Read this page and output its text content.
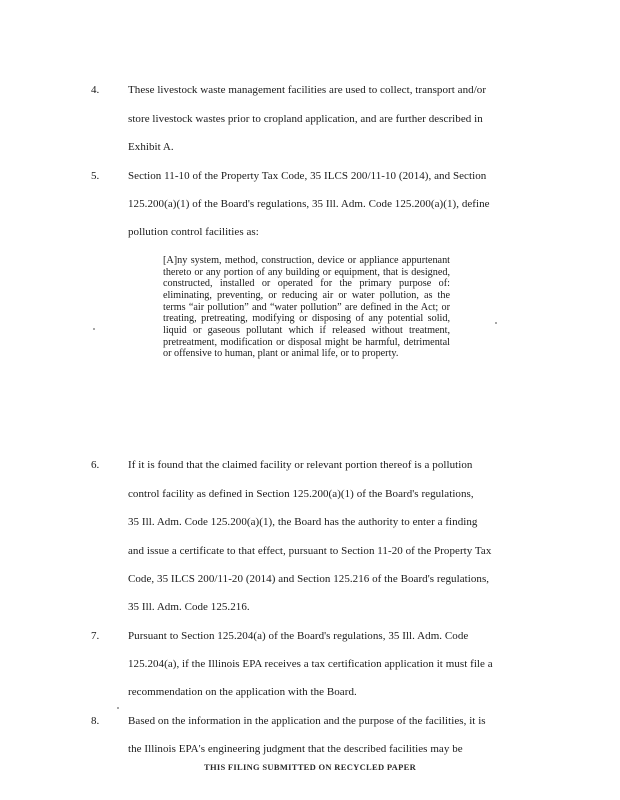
4.	These livestock waste management facilities are used to collect, transport and/or
store livestock wastes prior to cropland application, and are further described in
Exhibit A.
5.	Section 11-10 of the Property Tax Code, 35 ILCS 200/11-10 (2014), and Section
125.200(a)(1) of the Board's regulations, 35 Ill. Adm. Code 125.200(a)(1), define
pollution control facilities as:
[A]ny system, method, construction, device or appliance appurtenant thereto or any portion of any building or equipment, that is designed, constructed, installed or operated for the primary purpose of: eliminating, preventing, or reducing air or water pollution, as the terms “air pollution” and “water pollution” are defined in the Act; or treating, pretreating, modifying or disposing of any potential solid, liquid or gaseous pollutant which if released without treatment, pretreatment, modification or disposal might be harmful, detrimental or offensive to human, plant or animal life, or to property.
6.	If it is found that the claimed facility or relevant portion thereof is a pollution
control facility as defined in Section 125.200(a)(1) of the Board's regulations,
35 Ill. Adm. Code 125.200(a)(1), the Board has the authority to enter a finding
and issue a certificate to that effect, pursuant to Section 11-20 of the Property Tax
Code, 35 ILCS 200/11-20 (2014) and Section 125.216 of the Board's regulations,
35 Ill. Adm. Code 125.216.
7.	Pursuant to Section 125.204(a) of the Board's regulations, 35 Ill. Adm. Code
125.204(a), if the Illinois EPA receives a tax certification application it must file a
recommendation on the application with the Board.
8.	Based on the information in the application and the purpose of the facilities, it is
the Illinois EPA's engineering judgment that the described facilities may be
THIS FILING SUBMITTED ON RECYCLED PAPER
